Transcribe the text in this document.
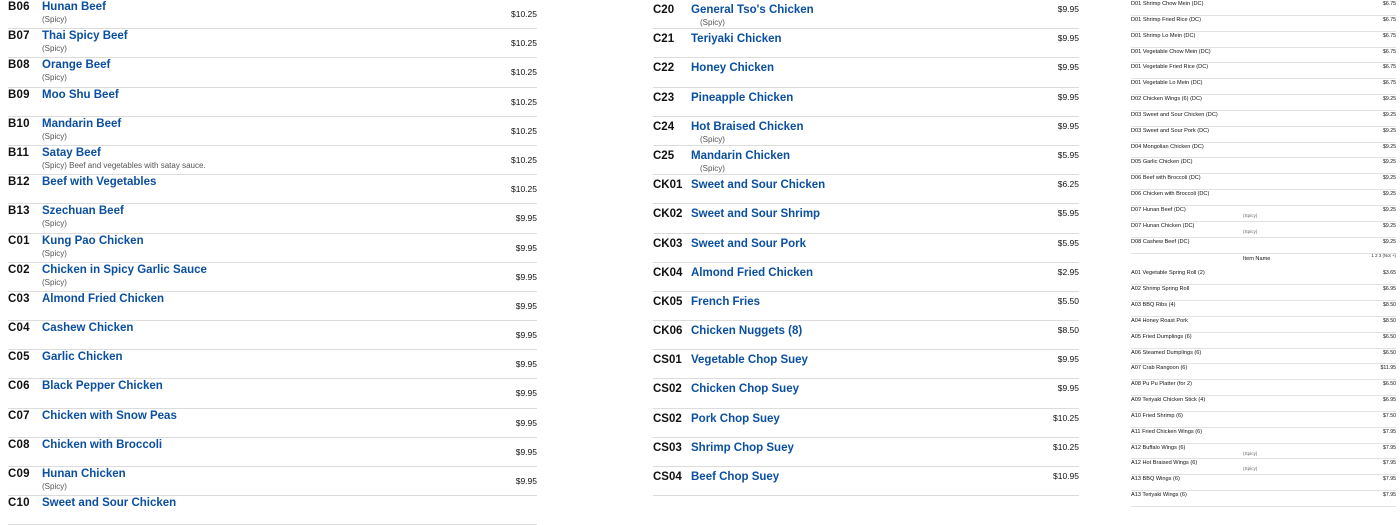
B06 Hunan Beef
(Spicy)
$10.25
B07 Thai Spicy Beef
(Spicy)
$10.25
B08 Orange Beef
(Spicy)
$10.25
B09 Moo Shu Beef
$10.25
B10 Mandarin Beef
(Spicy)
$10.25
B11 Satay Beef
(Spicy) Beef and vegetables with satay sauce.
$10.25
B12 Beef with Vegetables
$10.25
B13 Szechuan Beef
(Spicy)
$9.95
C01 Kung Pao Chicken
(Spicy)
$9.95
C02 Chicken in Spicy Garlic Sauce
(Spicy)
$9.95
C03 Almond Fried Chicken
$9.95
C04 Cashew Chicken
$9.95
C05 Garlic Chicken
$9.95
C06 Black Pepper Chicken
$9.95
C07 Chicken with Snow Peas
$9.95
C08 Chicken with Broccoli
$9.95
C09 Hunan Chicken
(Spicy)
$9.95
C10 Sweet and Sour Chicken
C20 General Tso's Chicken
(Spicy)
$9.95
C21 Teriyaki Chicken	$9.95
C22 Honey Chicken	$9.95
C23 Pineapple Chicken	$9.95
C24 Hot Braised Chicken
(Spicy)
$9.95
C25 Mandarin Chicken
(Spicy)
$5.95
CK01 Sweet and Sour Chicken	$6.25
CK02 Sweet and Sour Shrimp	$5.95
CK03 Sweet and Sour Pork	$5.95
CK04 Almond Fried Chicken	$2.95
CK05 French Fries	$5.50
CK06 Chicken Nuggets (8)	$8.50
CS01 Vegetable Chop Suey	$9.95
CS02 Chicken Chop Suey	$9.95
CS02 Pork Chop Suey	$10.25
CS03 Shrimp Chop Suey	$10.25
CS04 Beef Chop Suey	$10.95
D01 Shrimp Chow Mein (DC)	$6.75
D01 Shrimp Fried Rice (DC)	$6.75
D01 Shrimp Lo Mein (DC)	$6.75
D01 Vegetable Chow Mein (DC)	$6.75
D01 Vegetable Fried Rice (DC)	$6.75
D01 Vegetable Lo Mein (DC)	$6.75
D02 Chicken Wings (6) (DC)	$9.25
D03 Sweet and Sour Chicken (DC)	$9.25
D03 Sweet and Sour Pork (DC)	$9.25
D04 Mongolian Chicken (DC)	$9.25
D05 Garlic Chicken (DC)	$9.25
D06 Beef with Broccoli (DC)	$9.25
D06 Chicken with Broccoli (DC)	$9.25
D07 Hunan Beef (DC)
(Spicy)
$9.25
D07 Hunan Chicken (DC)
(Spicy)
$9.25
D08 Cashew Beef (DC)	$9.25
Item Name
1 2 3 (Not +)
A01 Vegetable Spring Roll (2)	$3.65
A02 Shrimp Spring Roll	$6.95
A03 BBQ Ribs (4)	$8.50
A04 Honey Roast Pork	$8.50
A05 Fried Dumplings (6)	$6.50
A06 Steamed Dumplings (6)	$6.50
A07 Crab Rangoon (6)	$11.95
A08 Pu Pu Platter (for 2)	$6.50
A09 Teriyaki Chicken Stick (4)	$6.95
A10 Fried Shrimp (6)	$7.50
A11 Fried Chicken Wings (6)	$7.95
A12 Buffalo Wings (6)
(Spicy)
$7.95
A12 Hot Braised Wings (6)
(Spicy)
$7.95
A13 BBQ Wings (6)	$7.95
A13 Teriyaki Wings (6)	$7.95
